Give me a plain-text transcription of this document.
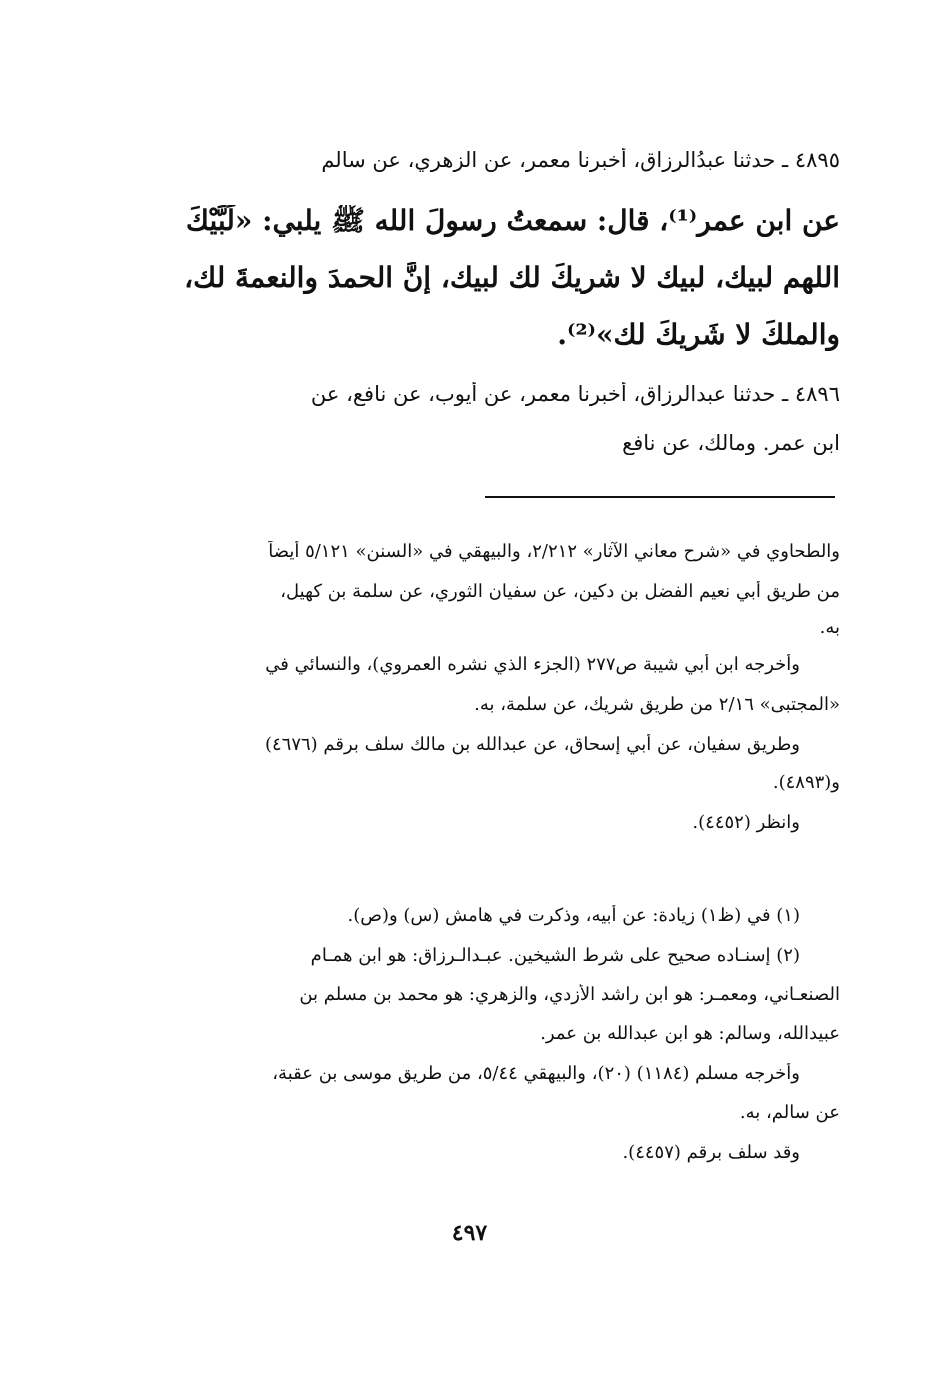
٤٨٩٥ ـ حدثنا عبدُالرزاق، أخبرنا معمر، عن الزهري، عن سالم
عن ابنِ عمر⁽¹⁾، قال: سمعتُ رسولَ الله ﷺ يلبي: «لَبَّيْكَ
اللهم لبيك، لبيك لا شريكَ لك لبيك، إنَّ الحمدَ والنعمةَ لك،
والملكَ لا شَرِيكَ لك»⁽²⁾.
٤٨٩٦ ـ حدثنا عبدالرزاق، أخبرنا معمر، عن أيوب، عن نافع، عن
ابنِ عمر. ومالك، عن نافع
والطحاوي في «شرح معاني الآثار» ٢/٢١٢، والبيهقي في «السنن» ٥/١٢١ أيضاً
من طريق أبي نعيم الفضل بن دكين، عن سفيان الثوري، عن سلمة بن كهيل،
به.
وأخرجه ابن أبي شيبة ص٢٧٧ (الجزء الذي نشره العمروي)، والنسائي في
«المجتبى» ٢/١٦ من طريق شريك، عن سلمة، به.
وطريق سفيان، عن أبي إسحاق، عن عبدالله بن مالك سلف برقم (٤٦٧٦)
و(٤٨٩٣).
وانظر (٤٤٥٢).
(١) في (ظ١) زيادة: عن أبيه، وذكرت في هامش (س) و(ص).
(٢) إسنـاده صحيح على شرط الشيخين. عبـدالـرزاق: هو ابن همـام
الصنعـاني، ومعمـر: هو ابن راشد الأزدي، والزهري: هو محمد بن مسلم بن
عبيدالله، وسالم: هو ابن عبدالله بن عمر.
وأخرجه مسلم (١١٨٤) (٢٠)، والبيهقي ٥/٤٤، من طريق موسى بن عقبة،
عن سالم، به.
وقد سلف برقم (٤٤٥٧).
٤٩٧
